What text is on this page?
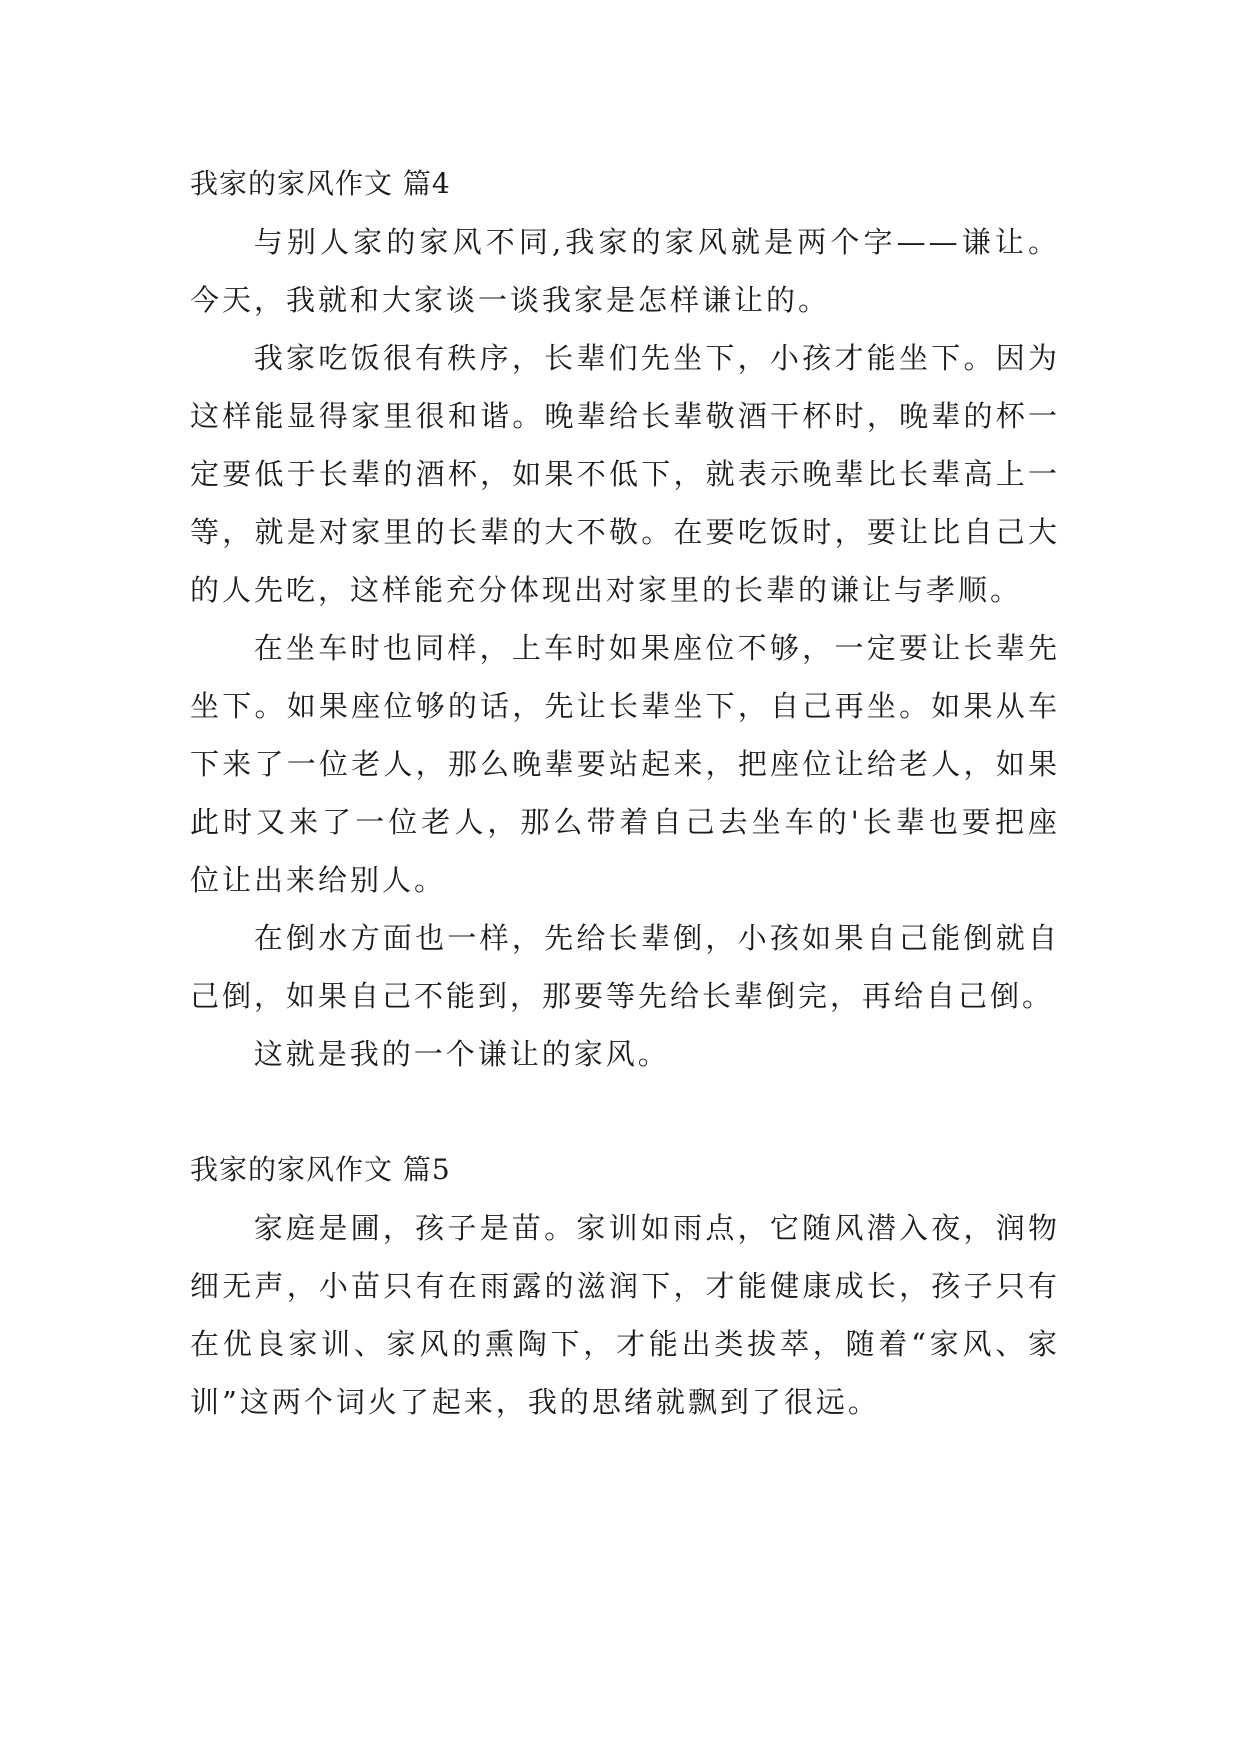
我家的家风作文 篇4

与别人家的家风不同,我家的家风就是两个字——谦让。今天，我就和大家谈一谈我家是怎样谦让的。

我家吃饭很有秩序，长辈们先坐下，小孩才能坐下。因为这样能显得家里很和谐。晚辈给长辈敬酒干杯时，晚辈的杯一定要低于长辈的酒杯，如果不低下，就表示晚辈比长辈高上一等，就是对家里的长辈的大不敬。在要吃饭时，要让比自己大的人先吃，这样能充分体现出对家里的长辈的谦让与孝顺。

在坐车时也同样，上车时如果座位不够，一定要让长辈先坐下。如果座位够的话，先让长辈坐下，自己再坐。如果从车下来了一位老人，那么晚辈要站起来，把座位让给老人，如果此时又来了一位老人，那么带着自己去坐车的'长辈也要把座位让出来给别人。

在倒水方面也一样，先给长辈倒，小孩如果自己能倒就自己倒，如果自己不能到，那要等先给长辈倒完，再给自己倒。

这就是我的一个谦让的家风。

我家的家风作文 篇5

家庭是圃，孩子是苗。家训如雨点，它随风潜入夜，润物细无声，小苗只有在雨露的滋润下，才能健康成长，孩子只有在优良家训、家风的熏陶下，才能出类拔萃，随着“家风、家训”这两个词火了起来，我的思绪就飘到了很远。
